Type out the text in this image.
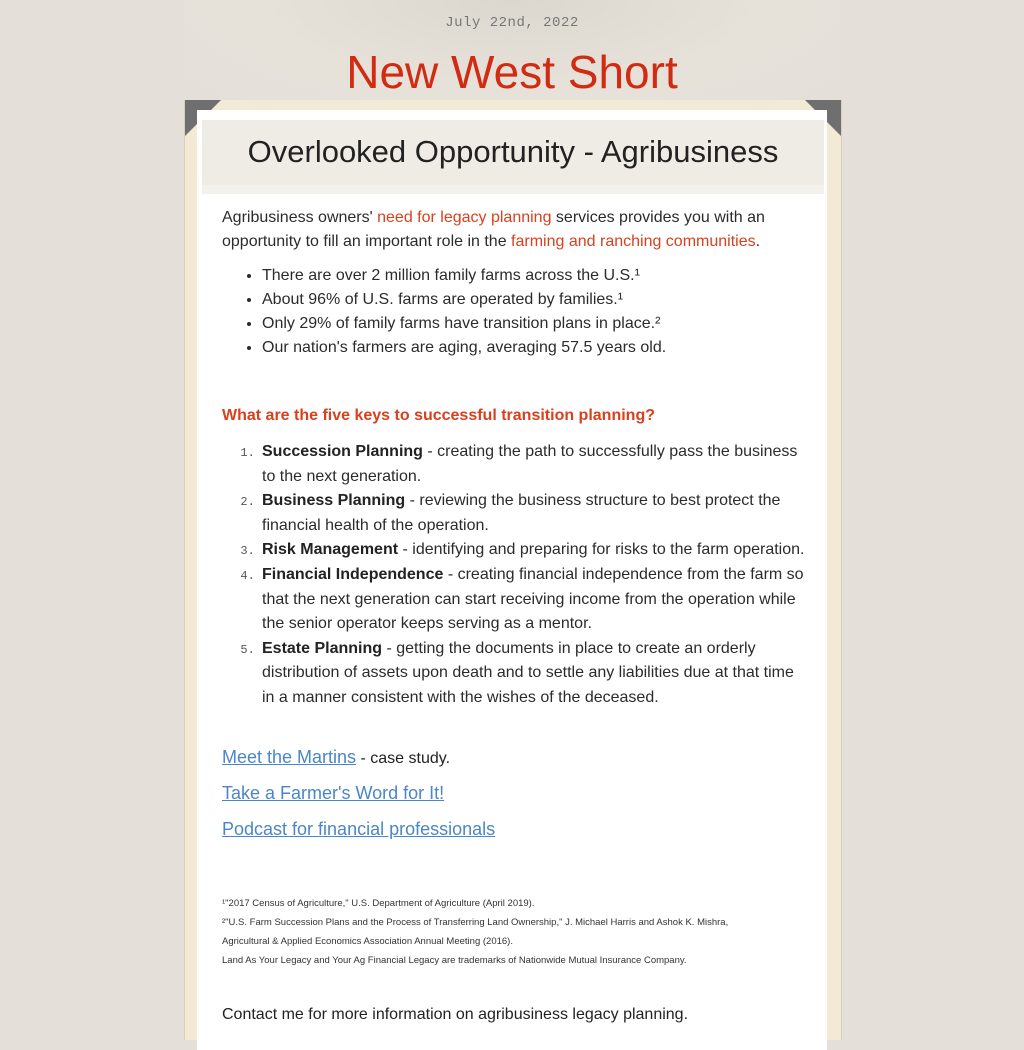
July 22nd, 2022
New West Short
Overlooked Opportunity - Agribusiness

Agribusiness owners' need for legacy planning services provides you with an opportunity to fill an important role in the farming and ranching communities.

• There are over 2 million family farms across the U.S.¹
• About 96% of U.S. farms are operated by families.¹
• Only 29% of family farms have transition plans in place.²
• Our nation's farmers are aging, averaging 57.5 years old.

What are the five keys to successful transition planning?

1. Succession Planning - creating the path to successfully pass the business to the next generation.
2. Business Planning - reviewing the business structure to best protect the financial health of the operation.
3. Risk Management - identifying and preparing for risks to the farm operation.
4. Financial Independence - creating financial independence from the farm so that the next generation can start receiving income from the operation while the senior operator keeps serving as a mentor.
5. Estate Planning - getting the documents in place to create an orderly distribution of assets upon death and to settle any liabilities due at that time in a manner consistent with the wishes of the deceased.
Meet the Martins - case study.
Take a Farmer's Word for It!
Podcast for financial professionals
¹"2017 Census of Agriculture," U.S. Department of Agriculture (April 2019).
²"U.S. Farm Succession Plans and the Process of Transferring Land Ownership," J. Michael Harris and Ashok K. Mishra,
Agricultural & Applied Economics Association Annual Meeting (2016).
Land As Your Legacy and Your Ag Financial Legacy are trademarks of Nationwide Mutual Insurance Company.
Contact me for more information on agribusiness legacy planning.
